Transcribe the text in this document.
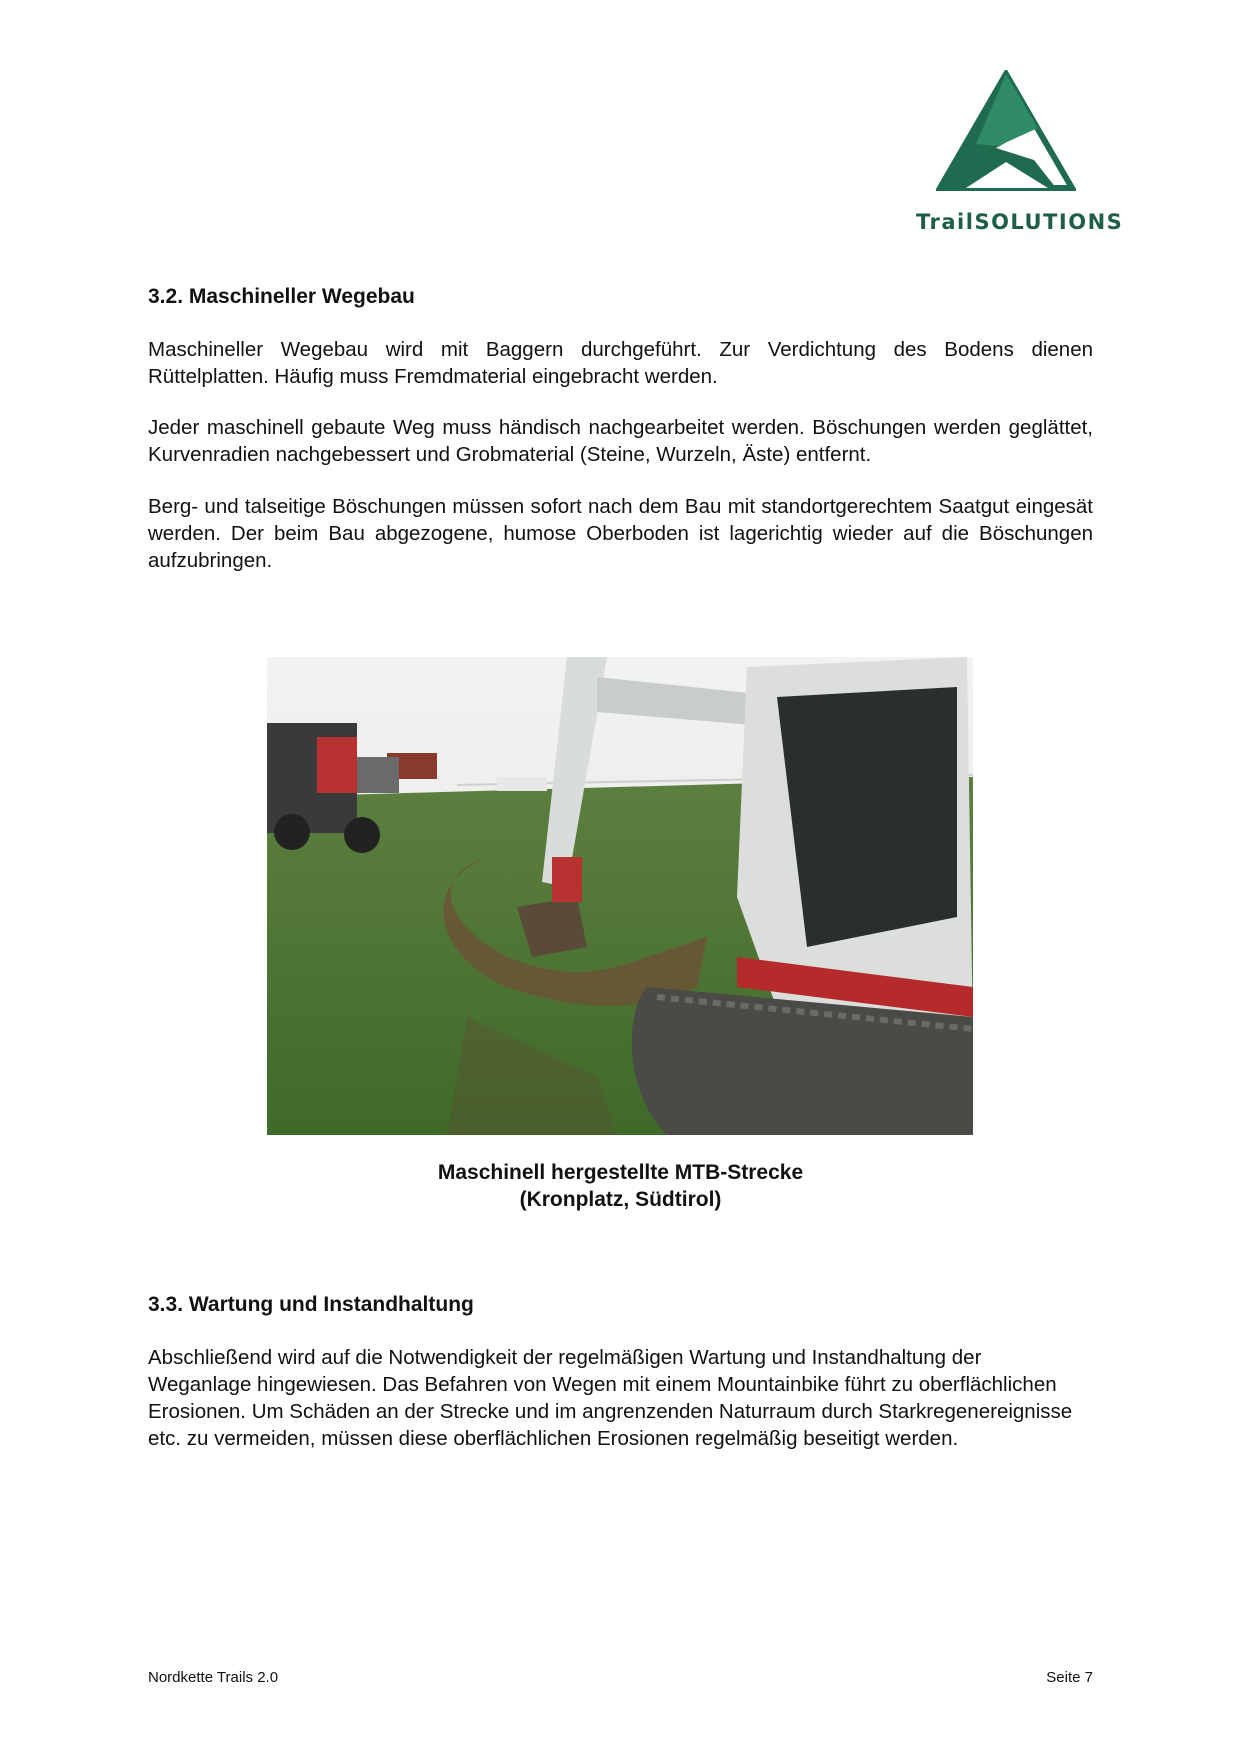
TrailSOLUTIONS
3.2. Maschineller Wegebau

Maschineller Wegebau wird mit Baggern durchgeführt. Zur Verdichtung des Bodens dienen Rüttelplatten. Häufig muss Fremdmaterial eingebracht werden.

Jeder maschinell gebaute Weg muss händisch nachgearbeitet werden. Böschungen werden geglättet, Kurvenradien nachgebessert und Grobmaterial (Steine, Wurzeln, Äste) entfernt.

Berg- und talseitige Böschungen müssen sofort nach dem Bau mit standortgerechtem Saatgut eingesät werden. Der beim Bau abgezogene, humose Oberboden ist lagerichtig wieder auf die Böschungen aufzubringen.

Maschinell hergestellte MTB-Strecke
(Kronplatz, Südtirol)
3.3. Wartung und Instandhaltung

Abschließend wird auf die Notwendigkeit der regelmäßigen Wartung und Instandhaltung der Weganlage hingewiesen. Das Befahren von Wegen mit einem Mountainbike führt zu oberflächlichen Erosionen. Um Schäden an der Strecke und im angrenzenden Naturraum durch Starkregenereignisse etc. zu vermeiden, müssen diese oberflächlichen Erosionen regelmäßig beseitigt werden.

Nordkette Trails 2.0	Seite 7
